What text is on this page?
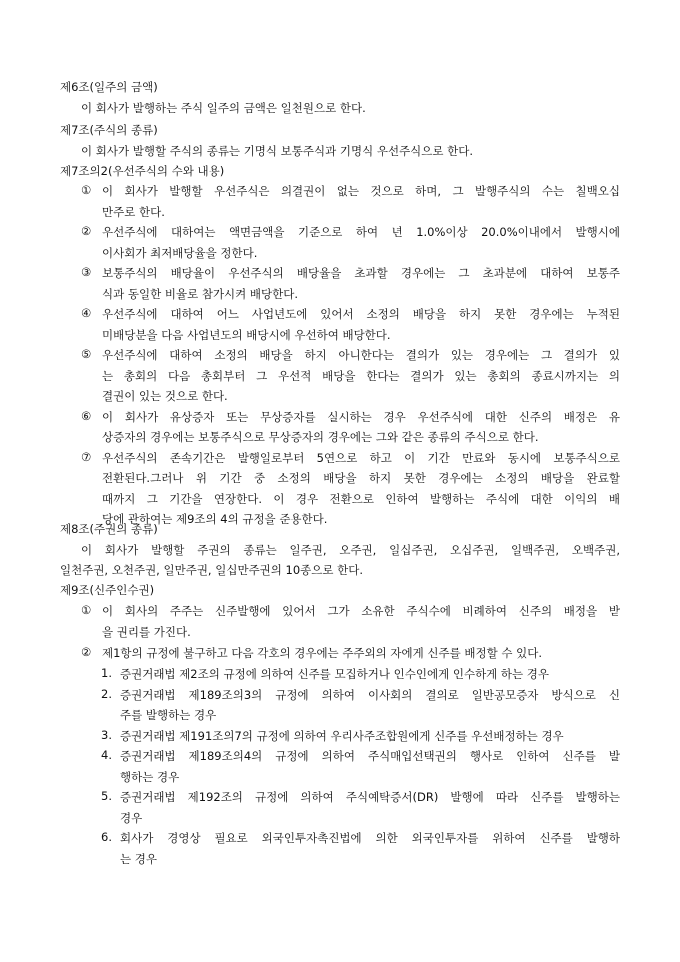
제6조(일주의 금액)
이 회사가 발행하는 주식 일주의 금액은 일천원으로 한다.
제7조(주식의 종류)
이 회사가 발행할 주식의 종류는 기명식 보통주식과 기명식 우선주식으로 한다.
제7조의2(우선주식의 수와 내용)
① 이 회사가 발행할 우선주식은 의결권이 없는 것으로 하며, 그 발행주식의 수는 칠백오십
만주로 한다.
② 우선주식에 대하여는 액면금액을 기준으로 하여 년 1.0%이상 20.0%이내에서 발행시에
이사회가 최저배당율을 정한다.
③ 보통주식의 배당율이 우선주식의 배당율을 초과할 경우에는 그 초과분에 대하여 보통주
식과 동일한 비율로 참가시켜 배당한다.
④ 우선주식에 대하여 어느 사업년도에 있어서 소정의 배당을 하지 못한 경우에는 누적된
미배당분을 다음 사업년도의 배당시에 우선하여 배당한다.
⑤ 우선주식에 대하여 소정의 배당을 하지 아니한다는 결의가 있는 경우에는 그 결의가 있
는 총회의 다음 총회부터 그 우선적 배당을 한다는 결의가 있는 총회의 종료시까지는 의
결권이 있는 것으로 한다.
⑥ 이 회사가 유상증자 또는 무상증자를 실시하는 경우 우선주식에 대한 신주의 배정은 유
상증자의 경우에는 보통주식으로 무상증자의 경우에는 그와 같은 종류의 주식으로 한다.
⑦ 우선주식의 존속기간은 발행일로부터 5연으로 하고 이 기간 만료와 동시에 보통주식으로
전환된다.그러나 위 기간 중 소정의 배당을 하지 못한 경우에는 소정의 배당을 완료할
때까지 그 기간을 연장한다. 이 경우 전환으로 인하여 발행하는 주식에 대한 이익의 배
당에 관하여는 제9조의 4의 규정을 준용한다.
제8조(주권의 종류)
이 회사가 발행할 주권의 종류는 일주권, 오주권, 일십주권, 오십주권, 일백주권, 오백주권,
일천주권, 오천주권, 일만주권, 일십만주권의 10종으로 한다.
제9조(신주인수권)
① 이 회사의 주주는 신주발행에 있어서 그가 소유한 주식수에 비례하여 신주의 배정을 받
을 권리를 가진다.
② 제1항의 규정에 불구하고 다음 각호의 경우에는 주주외의 자에게 신주를 배정할 수 있다.
1. 증권거래법 제2조의 규정에 의하여 신주를 모집하거나 인수인에게 인수하게 하는 경우
2. 증권거래법 제189조의3의 규정에 의하여 이사회의 결의로 일반공모증자 방식으로 신
주를 발행하는 경우
3. 증권거래법 제191조의7의 규정에 의하여 우리사주조합원에게 신주를 우선배정하는 경우
4. 증권거래법 제189조의4의 규정에 의하여 주식매입선택권의 행사로 인하여 신주를 발
행하는 경우
5. 증권거래법 제192조의 규정에 의하여 주식예탁증서(DR) 발행에 따라 신주를 발행하는
경우
6. 회사가 경영상 필요로 외국인투자촉진법에 의한 외국인투자를 위하여 신주를 발행하
는 경우
